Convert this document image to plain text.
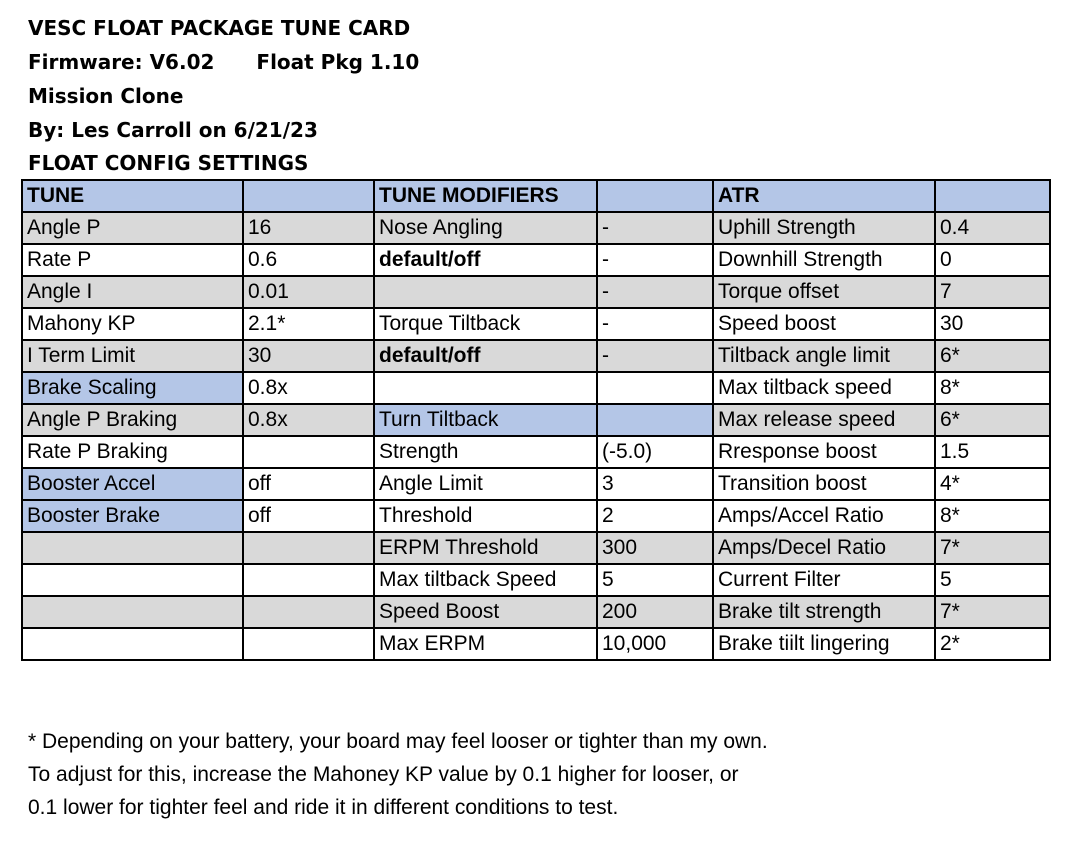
VESC FLOAT PACKAGE TUNE CARD
Firmware: V6.02 Float Pkg 1.10
Mission Clone
By: Les Carroll on 6/21/23
FLOAT CONFIG SETTINGS
TUNE		TUNE MODIFIERS		ATR	
Angle P	16	Nose Angling	-	Uphill Strength	0.4
Rate P	0.6	default/off	-	Downhill Strength	0
Angle I	0.01		-	Torque offset	7
Mahony KP	2.1*	Torque Tiltback	-	Speed boost	30
I Term Limit	30	default/off	-	Tiltback angle limit	6*
Brake Scaling	0.8x			Max tiltback speed	8*
Angle P Braking	0.8x	Turn Tiltback		Max release speed	6*
Rate P Braking		Strength	(-5.0)	Rresponse boost	1.5
Booster Accel	off	Angle Limit	3	Transition boost	4*
Booster Brake	off	Threshold	2	Amps/Accel Ratio	8*
		ERPM Threshold	300	Amps/Decel Ratio	7*
		Max tiltback Speed	5	Current Filter	5
		Speed Boost	200	Brake tilt strength	7*
		Max ERPM	10,000	Brake tiilt lingering	2*
* Depending on your battery, your board may feel looser or tighter than my own.
To adjust for this, increase the Mahoney KP value by 0.1 higher for looser, or
0.1 lower for tighter feel and ride it in different conditions to test.
